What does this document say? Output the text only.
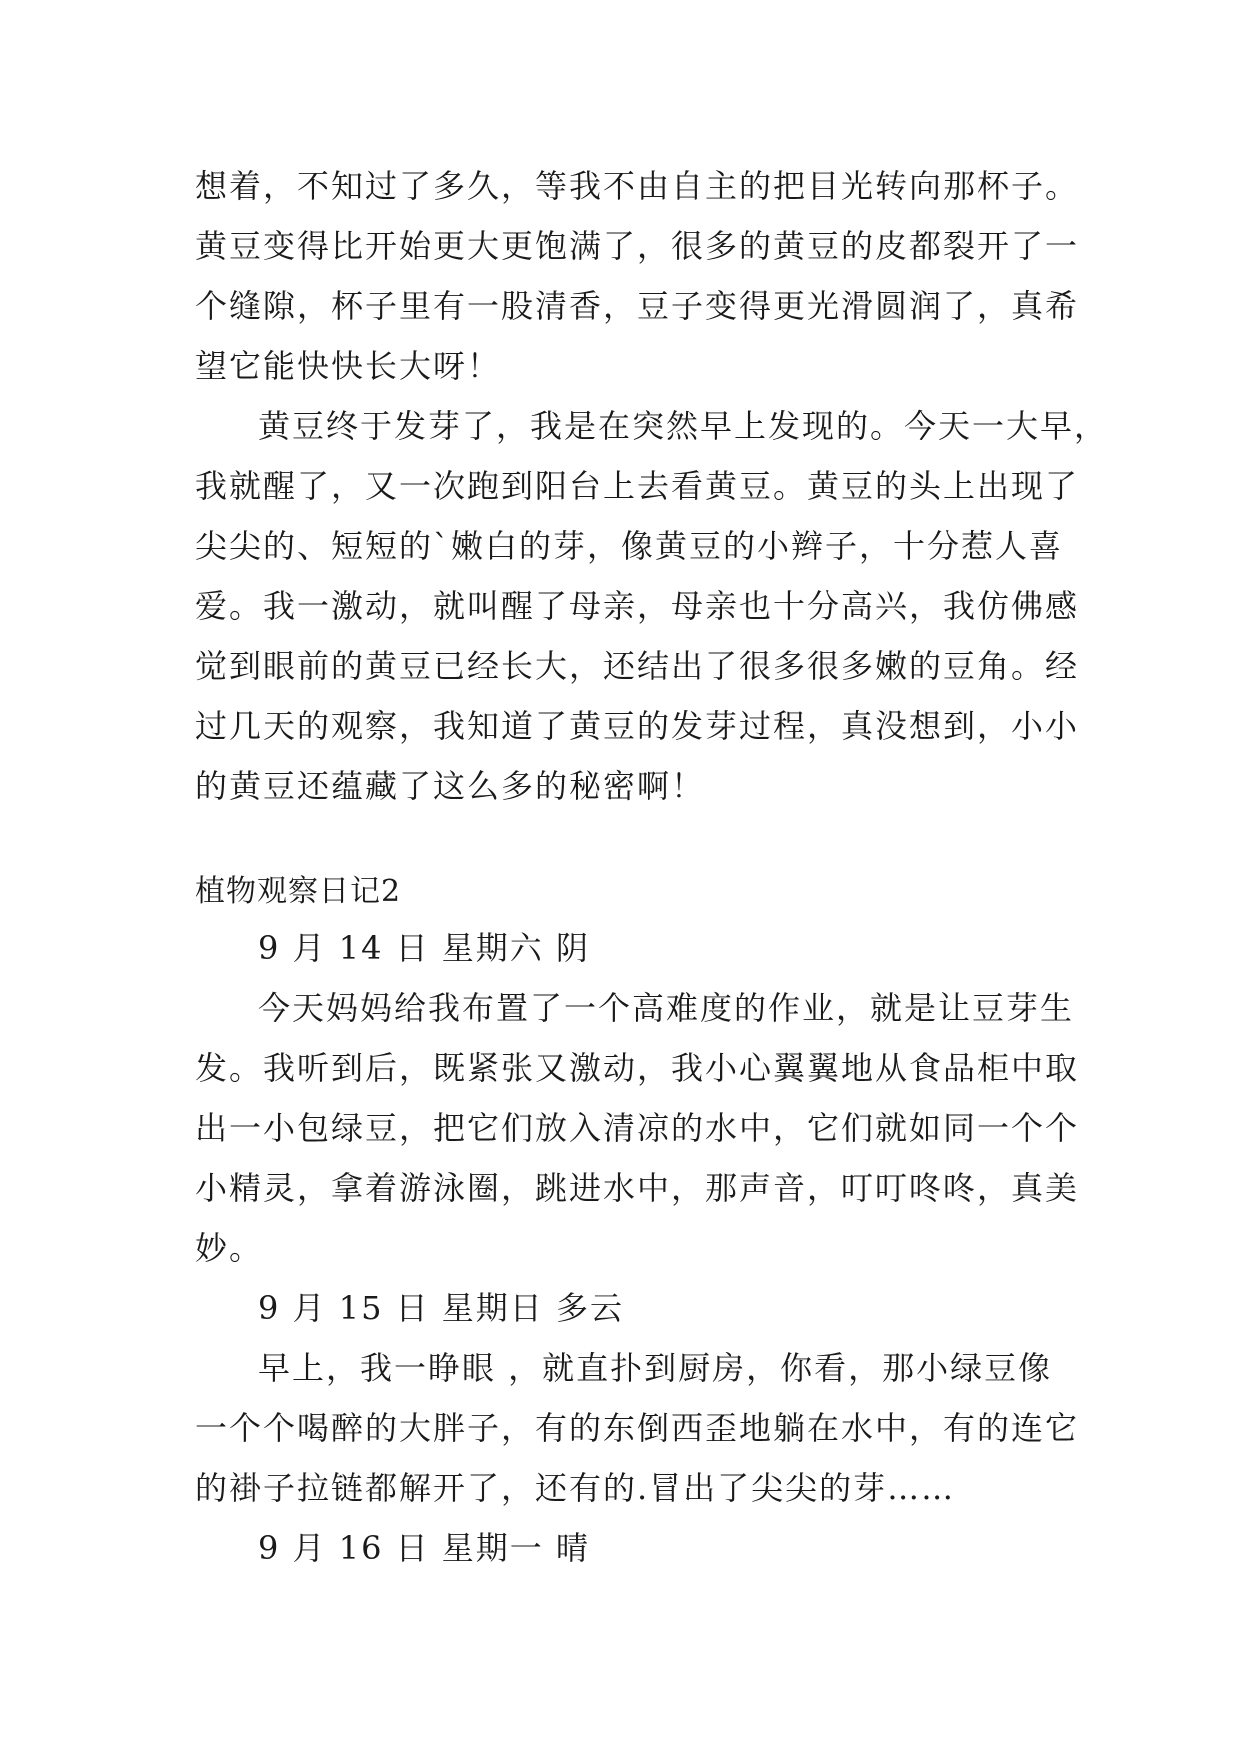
想着，不知过了多久，等我不由自主的把目光转向那杯子。
黄豆变得比开始更大更饱满了，很多的黄豆的皮都裂开了一
个缝隙，杯子里有一股清香，豆子变得更光滑圆润了，真希
望它能快快长大呀！
黄豆终于发芽了，我是在突然早上发现的。今天一大早，
我就醒了，又一次跑到阳台上去看黄豆。黄豆的头上出现了
尖尖的、短短的`嫩白的芽，像黄豆的小辫子，十分惹人喜
爱。我一激动，就叫醒了母亲，母亲也十分高兴，我仿佛感
觉到眼前的黄豆已经长大，还结出了很多很多嫩的豆角。经
过几天的观察，我知道了黄豆的发芽过程，真没想到，小小
的黄豆还蕴藏了这么多的秘密啊！
植物观察日记2
9 月 14 日 星期六 阴
今天妈妈给我布置了一个高难度的作业，就是让豆芽生
发。我听到后，既紧张又激动，我小心翼翼地从食品柜中取
出一小包绿豆，把它们放入清凉的水中，它们就如同一个个
小精灵，拿着游泳圈，跳进水中，那声音，叮叮咚咚，真美
妙。
9 月 15 日 星期日 多云
早上，我一睁眼 ，就直扑到厨房，你看，那小绿豆像
一个个喝醉的大胖子，有的东倒西歪地躺在水中，有的连它
的褂子拉链都解开了，还有的.冒出了尖尖的芽……
9 月 16 日 星期一 晴
